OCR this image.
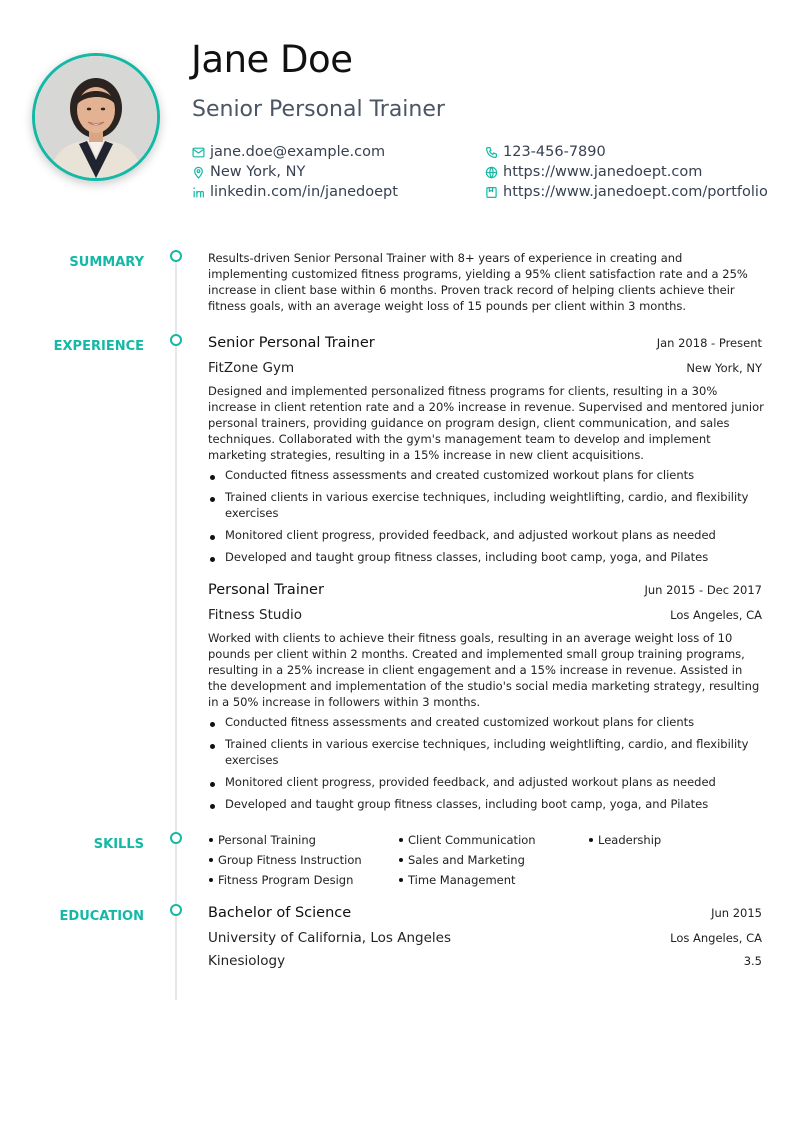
Jane Doe
Senior Personal Trainer
jane.doe@example.com	123-456-7890
New York, NY	https://www.janedoept.com
linkedin.com/in/janedoept	https://www.janedoept.com/portfolio
SUMMARY	Results-driven Senior Personal Trainer with 8+ years of experience in creating and implementing customized fitness programs, yielding a 95% client satisfaction rate and a 25% increase in client base within 6 months. Proven track record of helping clients achieve their fitness goals, with an average weight loss of 15 pounds per client within 3 months.
EXPERIENCE	Senior Personal Trainer	Jan 2018 - Present
FitZone Gym	New York, NY
Designed and implemented personalized fitness programs for clients, resulting in a 30% increase in client retention rate and a 20% increase in revenue. Supervised and mentored junior personal trainers, providing guidance on program design, client communication, and sales techniques. Collaborated with the gym's management team to develop and implement marketing strategies, resulting in a 15% increase in new client acquisitions.
Conducted fitness assessments and created customized workout plans for clients
Trained clients in various exercise techniques, including weightlifting, cardio, and flexibility exercises
Monitored client progress, provided feedback, and adjusted workout plans as needed
Developed and taught group fitness classes, including boot camp, yoga, and Pilates
Personal Trainer	Jun 2015 - Dec 2017
Fitness Studio	Los Angeles, CA
Worked with clients to achieve their fitness goals, resulting in an average weight loss of 10 pounds per client within 2 months. Created and implemented small group training programs, resulting in a 25% increase in client engagement and a 15% increase in revenue. Assisted in the development and implementation of the studio's social media marketing strategy, resulting in a 50% increase in followers within 3 months.
Conducted fitness assessments and created customized workout plans for clients
Trained clients in various exercise techniques, including weightlifting, cardio, and flexibility exercises
Monitored client progress, provided feedback, and adjusted workout plans as needed
Developed and taught group fitness classes, including boot camp, yoga, and Pilates
SKILLS	Personal Training	Client Communication	Leadership
Group Fitness Instruction	Sales and Marketing
Fitness Program Design	Time Management
EDUCATION	Bachelor of Science	Jun 2015
University of California, Los Angeles	Los Angeles, CA
Kinesiology	3.5
